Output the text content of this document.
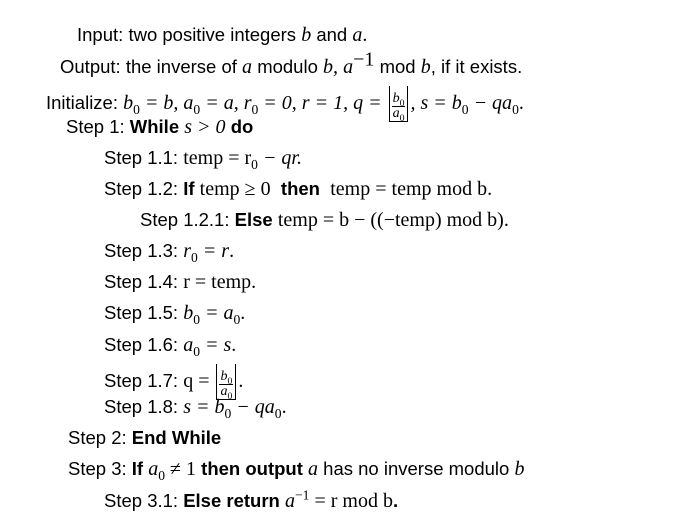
Input: two positive integers b and a.
Output: the inverse of a modulo b, $a^{-1}$ mod b, if it exists.
Initialize: $b_0 = b$, $a_0 = a$, $r_0 = 0$, r = 1, $q = \frac{b_0}{a_0}$ , $s = b_0 - qa_0$.
Step 1: While s > 0 do
Step 1.1: temp = $r_0$ − qr.
Step 1.2: If temp ≥ 0 then temp = temp mod b.
Step 1.2.1: Else temp = b − ((−temp) mod b).
Step 1.3: $r_0 = r$.
Step 1.4: r = temp.
Step 1.5: $b_0 = a_0$.
Step 1.6: $a_0 = s$.
Step 1.7: $q = \frac{b_0}{a_0}$ .
Step 1.8: $s = b_0 - qa_0$.
Step 2: End While
Step 3: If $a_0 \ne 1$ then output a has no inverse modulo b
Step 3.1: Else return $a^{-1} = r$ mod b.
